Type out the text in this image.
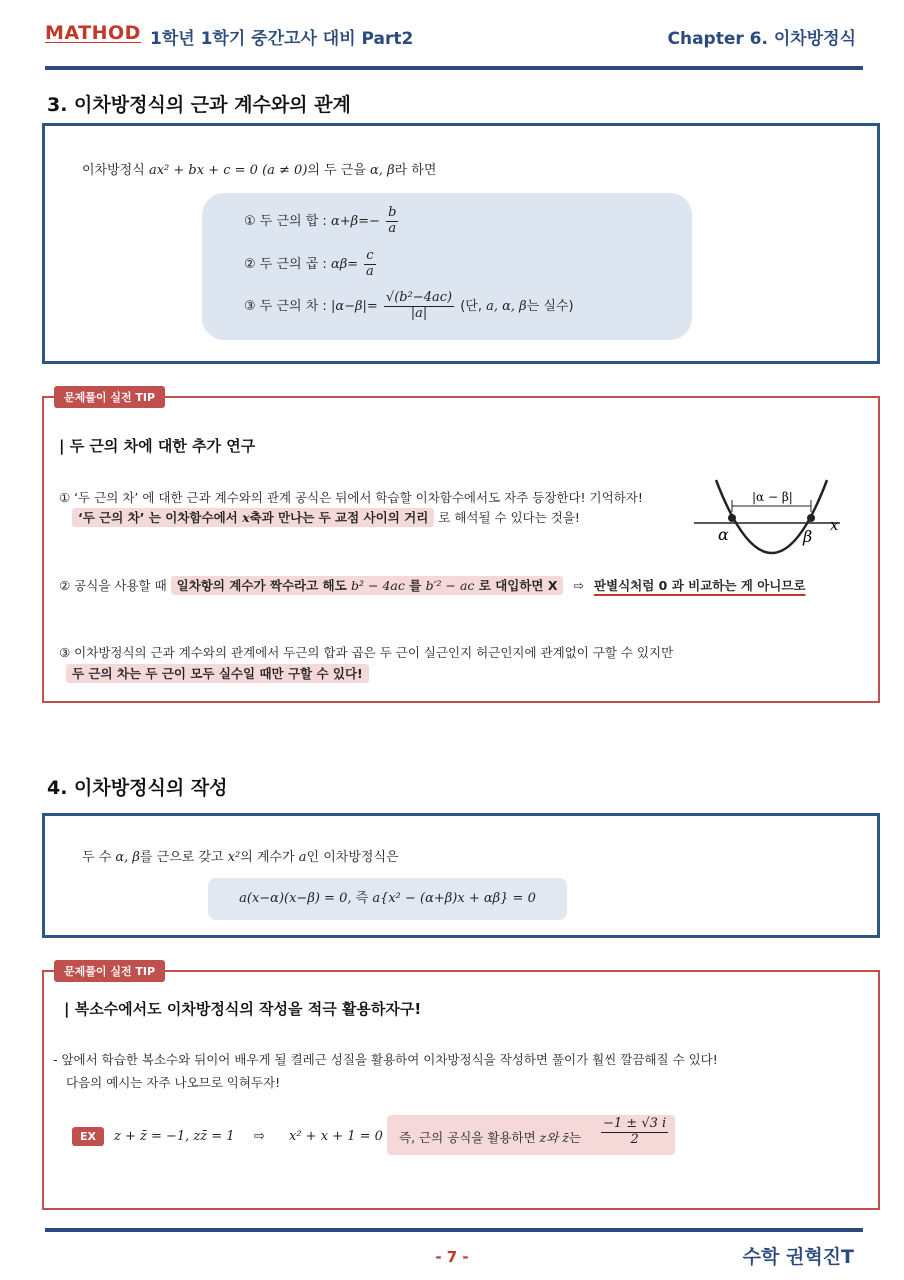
MATHOD 1학년 1학기 중간고사 대비 Part2	Chapter 6. 이차방정식
3. 이차방정식의 근과 계수와의 관계
이차방정식 ax² + bx + c = 0 (a ≠ 0)의 두 근을 α, β라 하면
① 두 근의 합 : $\alpha+\beta=- \frac{b}{a}$
② 두 근의 곱 : $\alpha\beta= \frac{c}{a}$
③ 두 근의 차 : $|\alpha-\beta|= \frac{\text{√(b²−4ac)}}{|a|}$ (단, a, α, β는 실수)
| 두 근의 차에 대한 추가 연구
① ‘두 근의 차’ 에 대한 근과 계수와의 관계 공식은 뒤에서 학습할 이차함수에서도 자주 등장한다! 기억하자!
‘두 근의 차’ 는 이차함수에서 x축과 만나는 두 교점 사이의 거리 로 해석될 수 있다는 것을!
|α − β|
α	β
x
② 공식을 사용할 때 일차항의 계수가 짝수라고 해도 b² − 4ac 를 b′² − ac 로 대입하면 X ⇨ 판별식처럼 0 과 비교하는 게 아니므로
③ 이차방정식의 근과 계수와의 관계에서 두근의 합과 곱은 두 근이 실근인지 허근인지에 관계없이 구할 수 있지만
두 근의 차는 두 근이 모두 실수일 때만 구할 수 있다!
문제풀이 실전 TIP
4. 이차방정식의 작성
두 수 α, β를 근으로 갖고 x²의 계수가 a인 이차방정식은
a(x−α)(x−β) = 0, 즉 a{x² − (α+β)x + αβ} = 0
| 복소수에서도 이차방정식의 작성을 적극 활용하자구!
- 앞에서 학습한 복소수와 뒤이어 배우게 될 켤레근 성질을 활용하여 이차방정식을 작성하면 풀이가 훨씬 깔끔해질 수 있다!
다음의 예시는 자주 나오므로 익혀두자!
EX	z + z̄ = −1, zz̄ = 1 ⇨ x² + x + 1 = 0 즉, 근의 공식을 활용하면 z와 z̄는 $\frac{-1 \pm √3 i}{2}$
문제풀이 실전 TIP
- 7 -	수학 권혁진T
